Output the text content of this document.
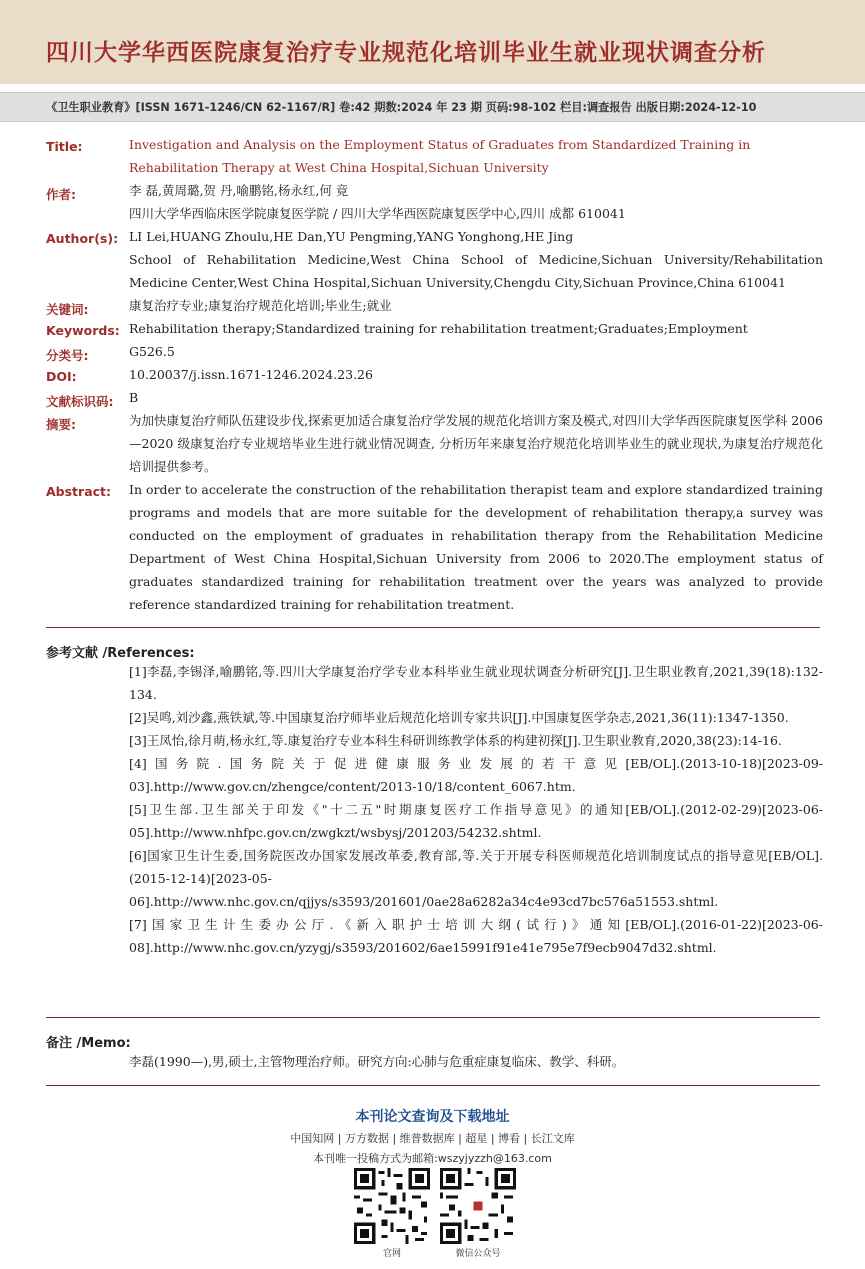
四川大学华西医院康复治疗专业规范化培训毕业生就业现状调查分析
《卫生职业教育》[ISSN 1671-1246/CN 62-1167/R] 卷:42 期数:2024 年 23 期 页码:98-102 栏目:调查报告 出版日期:2024-12-10
Title:	Investigation and Analysis on the Employment Status of Graduates from Standardized Training in Rehabilitation Therapy at West China Hospital,Sichuan University
作者:	李 磊,黄周璐,贺 丹,喻鹏铭,杨永红,何 竟
四川大学华西临床医学院康复医学院 / 四川大学华西医院康复医学中心,四川 成都 610041
Author(s): LI Lei,HUANG Zhoulu,HE Dan,YU Pengming,YANG Yonghong,HE Jing
School of Rehabilitation Medicine,West China School of Medicine,Sichuan University/Rehabilitation Medicine Center,West China Hospital,Sichuan University,Chengdu City,Sichuan Province,China 610041
关键词:	康复治疗专业;康复治疗规范化培训;毕业生;就业
Keywords: Rehabilitation therapy;Standardized training for rehabilitation treatment;Graduates;Employment
分类号:	G526.5
DOI:	10.20037/j.issn.1671-1246.2024.23.26
文献标识码: B
摘要:	为加快康复治疗师队伍建设步伐,探索更加适合康复治疗学发展的规范化培训方案及模式,对四川大学华西医院康复医学科 2006—2020 级康复治疗专业规培毕业生进行就业情况调查, 分析历年来康复治疗规范化培训毕业生的就业现状,为康复治疗规范化培训提供参考。
Abstract: In order to accelerate the construction of the rehabilitation therapist team and explore standardized training programs and models that are more suitable for the development of rehabilitation therapy,a survey was conducted on the employment of graduates in rehabilitation therapy from the Rehabilitation Medicine Department of West China Hospital,Sichuan University from 2006 to 2020.The employment status of graduates standardized training for rehabilitation treatment over the years was analyzed to provide reference standardized training for rehabilitation treatment.
参考文献 /References:

[1]李磊,李锡泽,喻鹏铭,等.四川大学康复治疗学专业本科毕业生就业现状调查分析研究[J].卫生职业教育,2021,39(18):132-134.

[2]吴鸣,刘沙鑫,燕铁斌,等.中国康复治疗师毕业后规范化培训专家共识[J].中国康复医学杂志,2021,36(11):1347-1350.

[3]王凤怡,徐月萌,杨永红,等.康复治疗专业本科生科研训练教学体系的构建初探[J].卫生职业教育,2020,38(23):14-16.

[4]国务院.国务院关于促进健康服务业发展的若干意见[EB/OL].(2013-10-18)[2023-09-03].http://www.gov.cn/zhengce/content/2013-10/18/content_6067.htm.

[5]卫生部.卫生部关于印发《"十二五"时期康复医疗工作指导意见》的通知[EB/OL].(2012-02-29)[2023-06-05].http://www.nhfpc.gov.cn/zwgkzt/wsbysj/201203/54232.shtml.

[6]国家卫生计生委,国务院医改办国家发展改革委,教育部,等.关于开展专科医师规范化培训制度试点的指导意见[EB/OL].(2015-12-14)[2023-05-06].http://www.nhc.gov.cn/qjjys/s3593/201601/0ae28a6282a34c4e93cd7bc576a51553.shtml.

[7]国家卫生计生委办公厅.《新入职护士培训大纲(试行)》通知[EB/OL].(2016-01-22)[2023-06-08].http://www.nhc.gov.cn/yzygj/s3593/201602/6ae15991f91e41e795e7f9ecb9047d32.shtml.

备注 /Memo:
李磊(1990—),男,硕士,主管物理治疗师。研究方向:心肺与危重症康复临床、教学、科研。
本刊论文查询及下载地址
中国知网 | 万方数据 | 维普数据库 | 超星 | 博看 | 长江文库
本刊唯一投稿方式为邮箱:wszyjyzzh@163.com
官网	微信公众号
